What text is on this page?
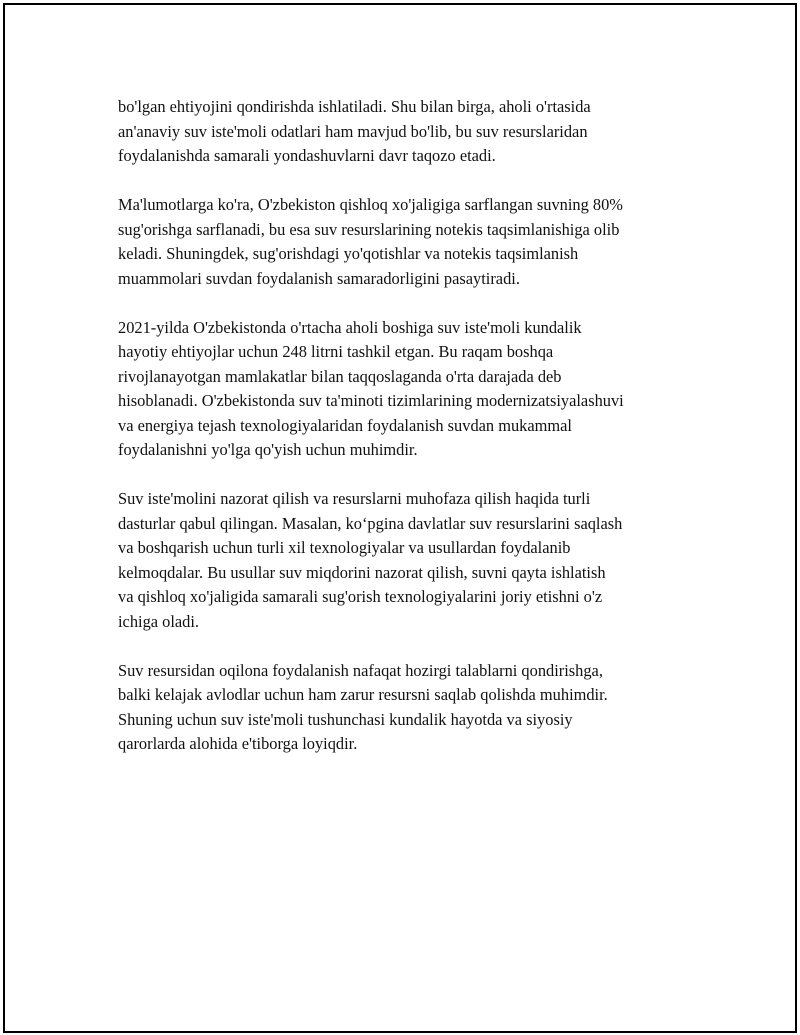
bo'lgan ehtiyojini qondirishda ishlatiladi. Shu bilan birga, aholi o'rtasida
an'anaviy suv iste'moli odatlari ham mavjud bo'lib, bu suv resurslaridan
foydalanishda samarali yondashuvlarni davr taqozo etadi.

Ma'lumotlarga ko'ra, O'zbekiston qishloq xo'jaligiga sarflangan suvning 80%
sug'orishga sarflanadi, bu esa suv resurslarining notekis taqsimlanishiga olib
keladi. Shuningdek, sug'orishdagi yo'qotishlar va notekis taqsimlanish
muammolari suvdan foydalanish samaradorligini pasaytiradi.

2021-yilda O'zbekistonda o'rtacha aholi boshiga suv iste'moli kundalik
hayotiy ehtiyojlar uchun 248 litrni tashkil etgan. Bu raqam boshqa
rivojlanayotgan mamlakatlar bilan taqqoslaganda o'rta darajada deb
hisoblanadi. O'zbekistonda suv ta'minoti tizimlarining modernizatsiyalashuvi
va energiya tejash texnologiyalaridan foydalanish suvdan mukammal
foydalanishni yo'lga qo'yish uchun muhimdir.

Suv iste'molini nazorat qilish va resurslarni muhofaza qilish haqida turli
dasturlar qabul qilingan. Masalan, ko‘pgina davlatlar suv resurslarini saqlash
va boshqarish uchun turli xil texnologiyalar va usullardan foydalanib
kelmoqdalar. Bu usullar suv miqdorini nazorat qilish, suvni qayta ishlatish
va qishloq xo'jaligida samarali sug'orish texnologiyalarini joriy etishni o'z
ichiga oladi.

Suv resursidan oqilona foydalanish nafaqat hozirgi talablarni qondirishga,
balki kelajak avlodlar uchun ham zarur resursni saqlab qolishda muhimdir.
Shuning uchun suv iste'moli tushunchasi kundalik hayotda va siyosiy
qarorlarda alohida e'tiborga loyiqdir.
